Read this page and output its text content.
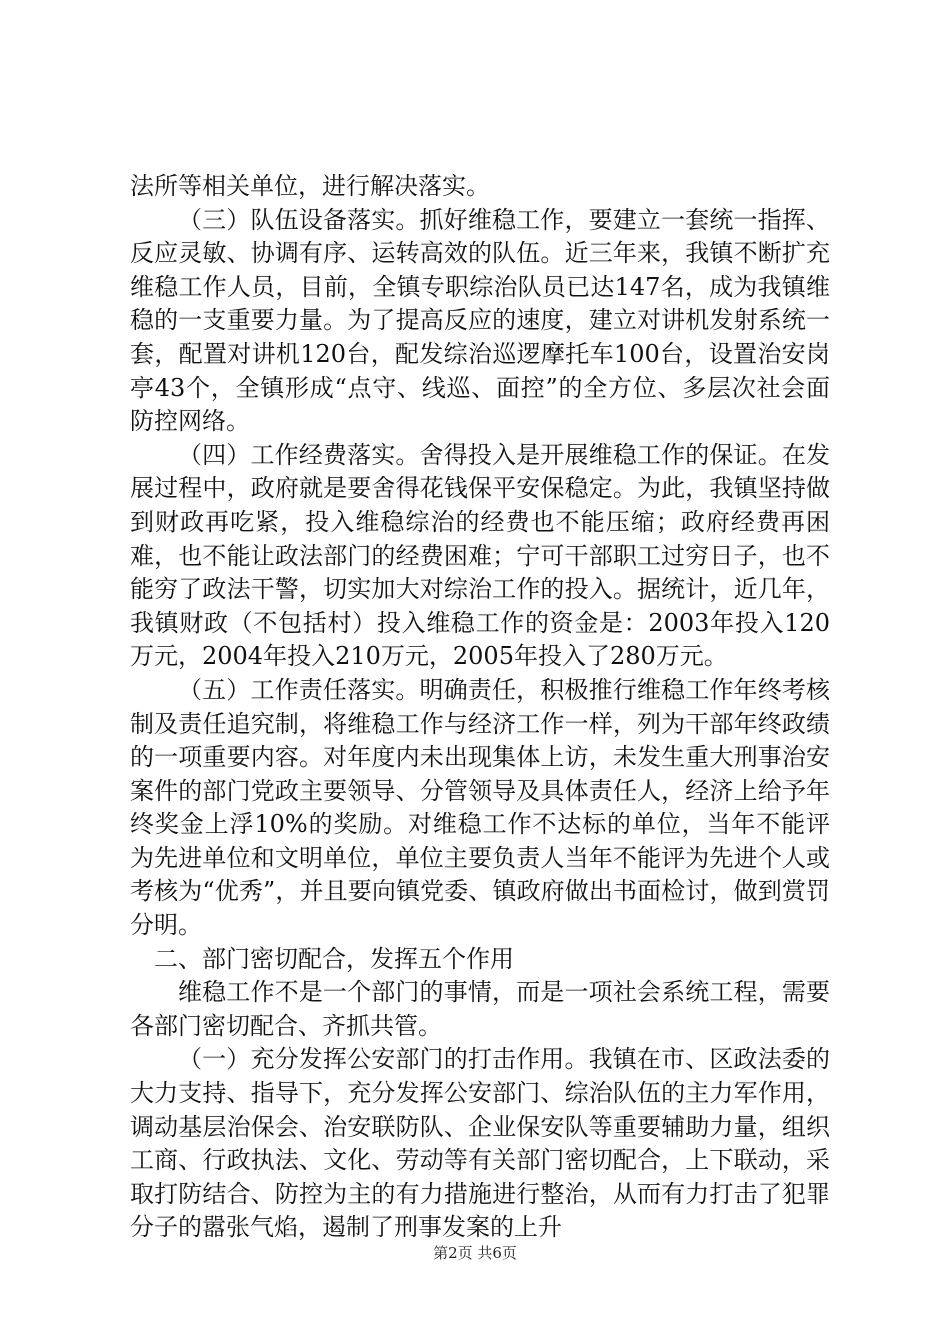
法所等相关单位，进行解决落实。

（三）队伍设备落实。抓好维稳工作，要建立一套统一指挥、反应灵敏、协调有序、运转高效的队伍。近三年来，我镇不断扩充维稳工作人员，目前，全镇专职综治队员已达147名，成为我镇维稳的一支重要力量。为了提高反应的速度，建立对讲机发射系统一套，配置对讲机120台，配发综治巡逻摩托车100台，设置治安岗亭43个，全镇形成“点守、线巡、面控”的全方位、多层次社会面防控网络。

（四）工作经费落实。舍得投入是开展维稳工作的保证。在发展过程中，政府就是要舍得花钱保平安保稳定。为此，我镇坚持做到财政再吃紧，投入维稳综治的经费也不能压缩；政府经费再困难，也不能让政法部门的经费困难；宁可干部职工过穷日子，也不能穷了政法干警，切实加大对综治工作的投入。据统计，近几年，我镇财政（不包括村）投入维稳工作的资金是：2003年投入120万元，2004年投入210万元，2005年投入了280万元。

（五）工作责任落实。明确责任，积极推行维稳工作年终考核制及责任追究制，将维稳工作与经济工作一样，列为干部年终政绩的一项重要内容。对年度内未出现集体上访，未发生重大刑事治安案件的部门党政主要领导、分管领导及具体责任人，经济上给予年终奖金上浮10%的奖励。对维稳工作不达标的单位，当年不能评为先进单位和文明单位，单位主要负责人当年不能评为先进个人或考核为“优秀”，并且要向镇党委、镇政府做出书面检讨，做到赏罚分明。

二、部门密切配合，发挥五个作用

维稳工作不是一个部门的事情，而是一项社会系统工程，需要各部门密切配合、齐抓共管。

（一）充分发挥公安部门的打击作用。我镇在市、区政法委的大力支持、指导下，充分发挥公安部门、综治队伍的主力军作用，调动基层治保会、治安联防队、企业保安队等重要辅助力量，组织工商、行政执法、文化、劳动等有关部门密切配合，上下联动，采取打防结合、防控为主的有力措施进行整治，从而有力打击了犯罪分子的嚣张气焰，遏制了刑事发案的上升

第2页 共6页
